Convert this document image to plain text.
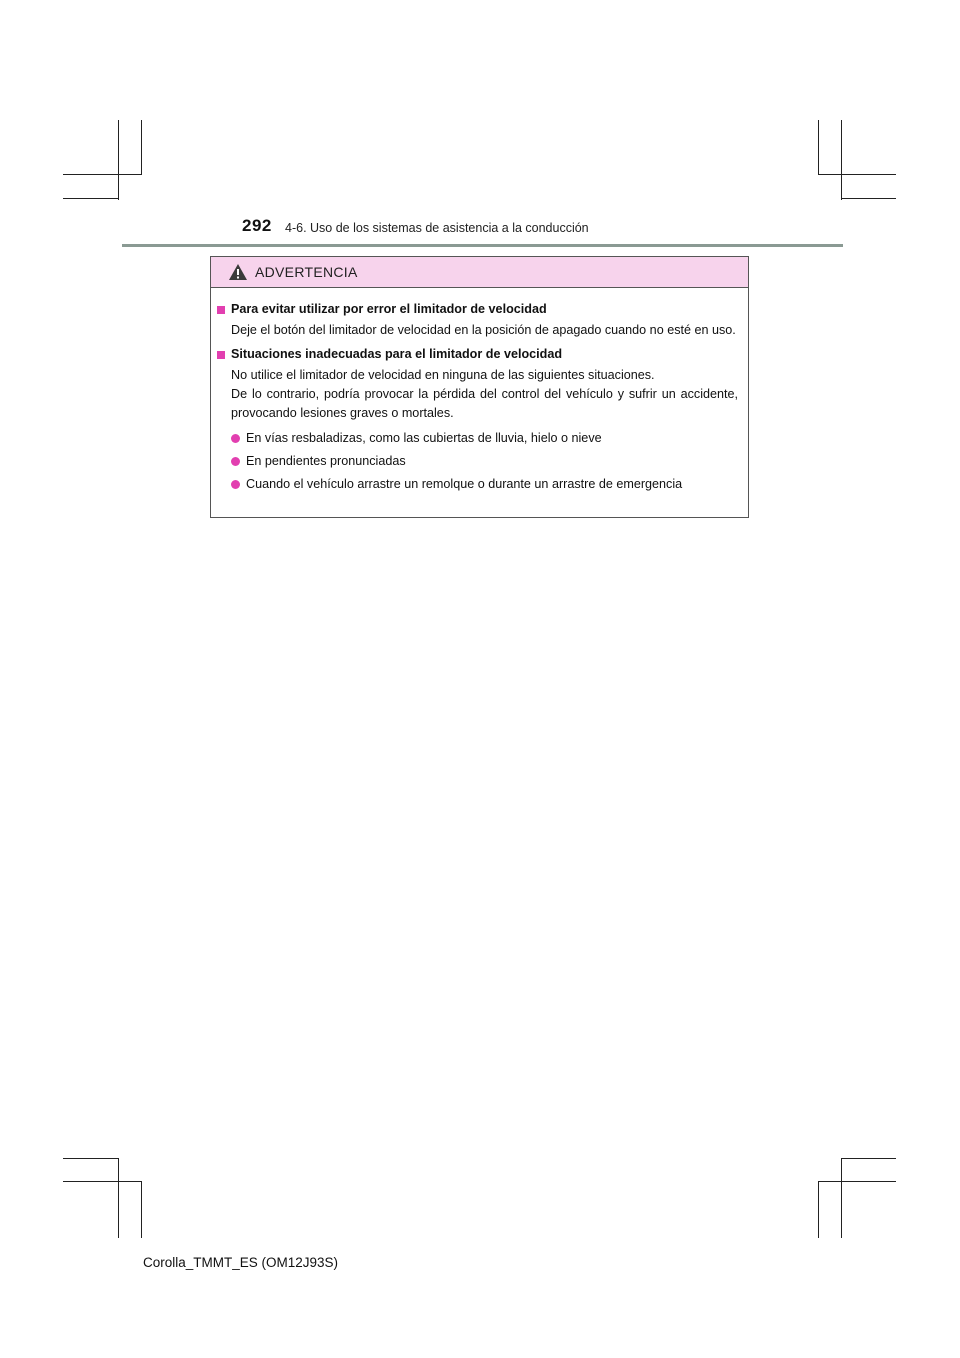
292 4-6. Uso de los sistemas de asistencia a la conducción
ADVERTENCIA
Para evitar utilizar por error el limitador de velocidad
Deje el botón del limitador de velocidad en la posición de apagado cuando no esté en uso.
Situaciones inadecuadas para el limitador de velocidad
No utilice el limitador de velocidad en ninguna de las siguientes situaciones.
De lo contrario, podría provocar la pérdida del control del vehículo y sufrir un accidente, provocando lesiones graves o mortales.
En vías resbaladizas, como las cubiertas de lluvia, hielo o nieve
En pendientes pronunciadas
Cuando el vehículo arrastre un remolque o durante un arrastre de emergencia
Corolla_TMMT_ES (OM12J93S)
